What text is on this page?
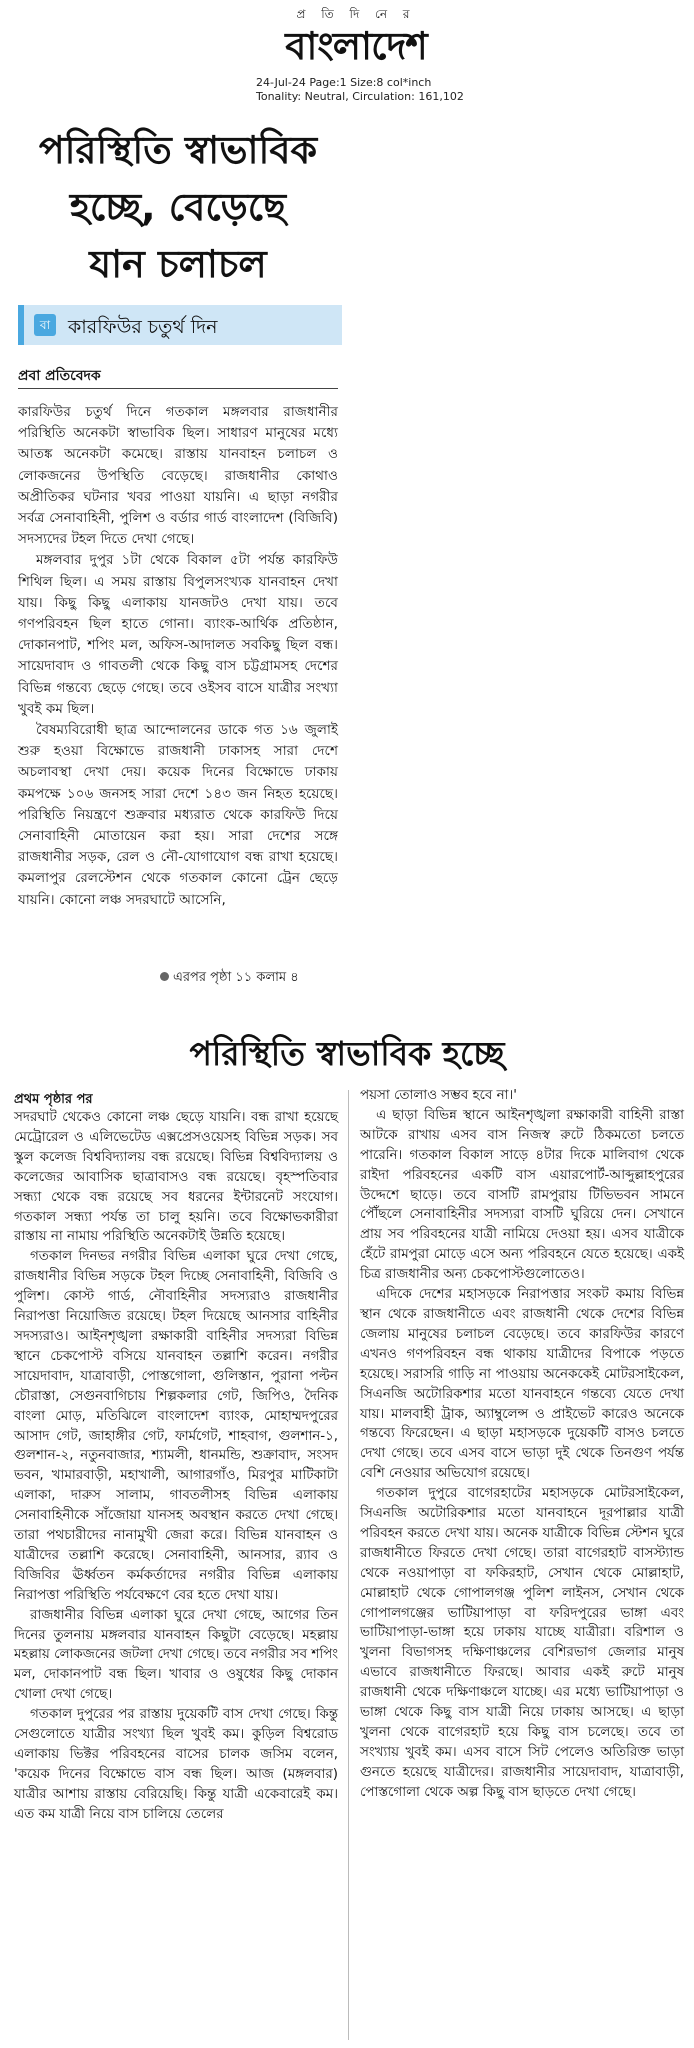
প্র তি দি নে র
বাংলাদেশ
24-Jul-24 Page:1 Size:8 col*inch
Tonality: Neutral, Circulation: 161,102
পরিস্থিতি স্বাভাবিক
হচ্ছে, বেড়েছে
যান চলাচল
বা কারফিউর চতুর্থ দিন
প্রবা প্রতিবেদক

কারফিউর চতুর্থ দিনে গতকাল মঙ্গলবার রাজধানীর পরিস্থিতি অনেকটা স্বাভাবিক ছিল। সাধারণ মানুষের মধ্যে আতঙ্ক অনেকটা কমেছে। রাস্তায় যানবাহন চলাচল ও লোকজনের উপস্থিতি বেড়েছে। রাজধানীর কোথাও অপ্রীতিকর ঘটনার খবর পাওয়া যায়নি। এ ছাড়া নগরীর সর্বত্র সেনাবাহিনী, পুলিশ ও বর্ডার গার্ড বাংলাদেশ (বিজিবি) সদস্যদের টহল দিতে দেখা গেছে।

মঙ্গলবার দুপুর ১টা থেকে বিকাল ৫টা পর্যন্ত কারফিউ শিথিল ছিল। এ সময় রাস্তায় বিপুলসংখ্যক যানবাহন দেখা যায়। কিছু কিছু এলাকায় যানজটও দেখা যায়। তবে গণপরিবহন ছিল হাতে গোনা। ব্যাংক-আর্থিক প্রতিষ্ঠান, দোকানপাট, শপিং মল, অফিস-আদালত সবকিছু ছিল বন্ধ। সায়েদাবাদ ও গাবতলী থেকে কিছু বাস চট্টগ্রামসহ দেশের বিভিন্ন গন্তব্যে ছেড়ে গেছে। তবে ওইসব বাসে যাত্রীর সংখ্যা খুবই কম ছিল।

বৈষম্যবিরোধী ছাত্র আন্দোলনের ডাকে গত ১৬ জুলাই শুরু হওয়া বিক্ষোভে রাজধানী ঢাকাসহ সারা দেশে অচলাবস্থা দেখা দেয়। কয়েক দিনের বিক্ষোভে ঢাকায় কমপক্ষে ১০৬ জনসহ সারা দেশে ১৪৩ জন নিহত হয়েছে। পরিস্থিতি নিয়ন্ত্রণে শুক্রবার মধ্যরাত থেকে কারফিউ দিয়ে সেনাবাহিনী মোতায়েন করা হয়। সারা দেশের সঙ্গে রাজধানীর সড়ক, রেল ও নৌ-যোগাযোগ বন্ধ রাখা হয়েছে। কমলাপুর রেলস্টেশন থেকে গতকাল কোনো ট্রেন ছেড়ে যায়নি। কোনো লঞ্চ সদরঘাটে আসেনি,

এরপর পৃষ্ঠা ১১ কলাম ৪
পরিস্থিতি স্বাভাবিক হচ্ছে
প্রথম পৃষ্ঠার পর

সদরঘাট থেকেও কোনো লঞ্চ ছেড়ে যায়নি। বন্ধ রাখা হয়েছে মেট্রোরেল ও এলিভেটেড এক্সপ্রেসওয়েসহ বিভিন্ন সড়ক। সব স্কুল কলেজ বিশ্ববিদ্যালয় বন্ধ রয়েছে। বিভিন্ন বিশ্ববিদ্যালয় ও কলেজের আবাসিক ছাত্রাবাসও বন্ধ রয়েছে। বৃহস্পতিবার সন্ধ্যা থেকে বন্ধ রয়েছে সব ধরনের ইন্টারনেট সংযোগ। গতকাল সন্ধ্যা পর্যন্ত তা চালু হয়নি। তবে বিক্ষোভকারীরা রাস্তায় না নামায় পরিস্থিতি অনেকটাই উন্নতি হয়েছে।

গতকাল দিনভর নগরীর বিভিন্ন এলাকা ঘুরে দেখা গেছে, রাজধানীর বিভিন্ন সড়কে টহল দিচ্ছে সেনাবাহিনী, বিজিবি ও পুলিশ। কোস্ট গার্ড, নৌবাহিনীর সদস্যরাও রাজধানীর নিরাপত্তা নিয়োজিত রয়েছে। টহল দিয়েছে আনসার বাহিনীর সদস্যরাও। আইনশৃঙ্খলা রক্ষাকারী বাহিনীর সদস্যরা বিভিন্ন স্থানে চেকপোস্ট বসিয়ে যানবাহন তল্লাশি করেন। নগরীর সায়েদাবাদ, যাত্রাবাড়ী, পোস্তগোলা, গুলিস্তান, পুরানা পল্টন চৌরাস্তা, সেগুনবাগিচায় শিল্পকলার গেট, জিপিও, দৈনিক বাংলা মোড়, মতিঝিলে বাংলাদেশ ব্যাংক, মোহাম্মদপুরের আসাদ গেট, জাহাঙ্গীর গেট, ফার্মগেট, শাহবাগ, গুলশান-১, গুলশান-২, নতুনবাজার, শ্যামলী, ধানমন্ডি, শুক্রাবাদ, সংসদ ভবন, খামারবাড়ী, মহাখালী, আগারগাঁও, মিরপুর মাটিকাটা এলাকা, দারুস সালাম, গাবতলীসহ বিভিন্ন এলাকায় সেনাবাহিনীকে সাঁজোয়া যানসহ অবস্থান করতে দেখা গেছে। তারা পথচারীদের নানামুখী জেরা করে। বিভিন্ন যানবাহন ও যাত্রীদের তল্লাশি করেছে। সেনাবাহিনী, আনসার, র‍্যাব ও বিজিবির ঊর্ধ্বতন কর্মকর্তাদের নগরীর বিভিন্ন এলাকায় নিরাপত্তা পরিস্থিতি পর্যবেক্ষণে বের হতে দেখা যায়।

রাজধানীর বিভিন্ন এলাকা ঘুরে দেখা গেছে, আগের তিন দিনের তুলনায় মঙ্গলবার যানবাহন কিছুটা বেড়েছে। মহল্লায় মহল্লায় লোকজনের জটলা দেখা গেছে। তবে নগরীর সব শপিং মল, দোকানপাট বন্ধ ছিল। খাবার ও ওষুধের কিছু দোকান খোলা দেখা গেছে।

গতকাল দুপুরের পর রাস্তায় দুয়েকটি বাস দেখা গেছে। কিন্তু সেগুলোতে যাত্রীর সংখ্যা ছিল খুবই কম। কুড়িল বিশ্বরোড এলাকায় ভিক্টর পরিবহনের বাসের চালক জসিম বলেন, 'কয়েক দিনের বিক্ষোভে বাস বন্ধ ছিল। আজ (মঙ্গলবার) যাত্রীর আশায় রাস্তায় বেরিয়েছি। কিন্তু যাত্রী একেবারেই কম। এত কম যাত্রী নিয়ে বাস চালিয়ে তেলের

পয়সা তোলাও সম্ভব হবে না।'

এ ছাড়া বিভিন্ন স্থানে আইনশৃঙ্খলা রক্ষাকারী বাহিনী রাস্তা আটকে রাখায় এসব বাস নিজস্ব রুটে ঠিকমতো চলতে পারেনি। গতকাল বিকাল সাড়ে ৪টার দিকে মালিবাগ থেকে রাইদা পরিবহনের একটি বাস এয়ারপোর্ট-আব্দুল্লাহপুরের উদ্দেশে ছাড়ে। তবে বাসটি রামপুরায় টিভিভবন সামনে পৌঁছলে সেনাবাহিনীর সদস্যরা বাসটি ঘুরিয়ে দেন। সেখানে প্রায় সব পরিবহনের যাত্রী নামিয়ে দেওয়া হয়। এসব যাত্রীকে হেঁটে রামপুরা মোড়ে এসে অন্য পরিবহনে যেতে হয়েছে। একই চিত্র রাজধানীর অন্য চেকপোস্টগুলোতেও।

এদিকে দেশের মহাসড়কে নিরাপত্তার সংকট কমায় বিভিন্ন স্থান থেকে রাজধানীতে এবং রাজধানী থেকে দেশের বিভিন্ন জেলায় মানুষের চলাচল বেড়েছে। তবে কারফিউর কারণে এখনও গণপরিবহন বন্ধ থাকায় যাত্রীদের বিপাকে পড়তে হয়েছে। সরাসরি গাড়ি না পাওয়ায় অনেককেই মোটরসাইকেল, সিএনজি অটোরিকশার মতো যানবাহনে গন্তব্যে যেতে দেখা যায়। মালবাহী ট্রাক, অ্যাম্বুলেন্স ও প্রাইভেট কারেও অনেকে গন্তব্যে ফিরেছেন। এ ছাড়া মহাসড়কে দুয়েকটি বাসও চলতে দেখা গেছে। তবে এসব বাসে ভাড়া দুই থেকে তিনগুণ পর্যন্ত বেশি নেওয়ার অভিযোগ রয়েছে।

গতকাল দুপুরে বাগেরহাটের মহাসড়কে মোটরসাইকেল, সিএনজি অটোরিকশার মতো যানবাহনে দূরপাল্লার যাত্রী পরিবহন করতে দেখা যায়। অনেক যাত্রীকে বিভিন্ন স্টেশন ঘুরে রাজধানীতে ফিরতে দেখা গেছে। তারা বাগেরহাট বাসস্ট্যান্ড থেকে নওয়াপাড়া বা ফকিরহাট, সেখান থেকে মোল্লাহাট, মোল্লাহাট থেকে গোপালগঞ্জ পুলিশ লাইনস, সেখান থেকে গোপালগঞ্জের ভাটিয়াপাড়া বা ফরিদপুরের ভাঙ্গা এবং ভাটিয়াপাড়া-ভাঙ্গা হয়ে ঢাকায় যাচ্ছে যাত্রীরা। বরিশাল ও খুলনা বিভাগসহ দক্ষিণাঞ্চলের বেশিরভাগ জেলার মানুষ এভাবে রাজধানীতে ফিরছে। আবার একই রুটে মানুষ রাজধানী থেকে দক্ষিণাঞ্চলে যাচ্ছে। এর মধ্যে ভাটিয়াপাড়া ও ভাঙ্গা থেকে কিছু বাস যাত্রী নিয়ে ঢাকায় আসছে। এ ছাড়া খুলনা থেকে বাগেরহাট হয়ে কিছু বাস চলেছে। তবে তা সংখ্যায় খুবই কম। এসব বাসে সিট পেলেও অতিরিক্ত ভাড়া গুনতে হয়েছে যাত্রীদের। রাজধানীর সায়েদাবাদ, যাত্রাবাড়ী, পোস্তগোলা থেকে অল্প কিছু বাস ছাড়তে দেখা গেছে।
